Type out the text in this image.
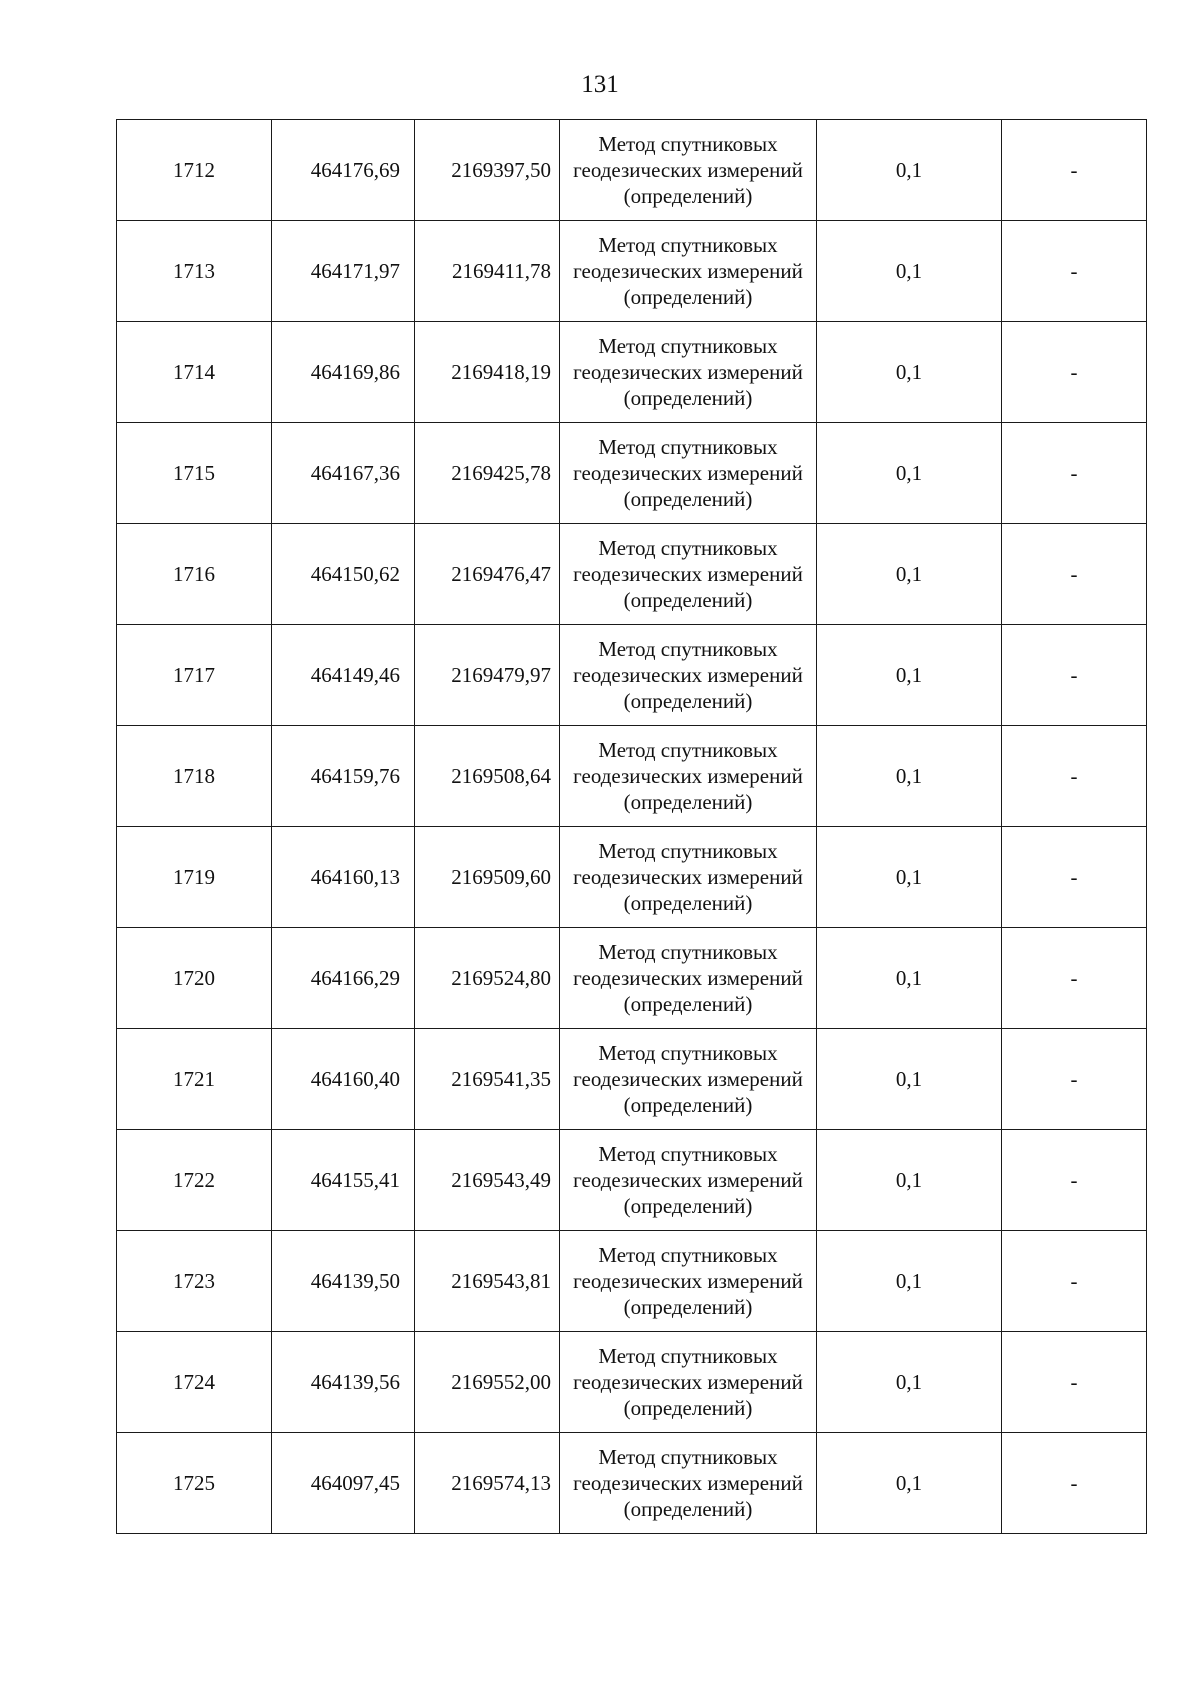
131
1712	464176,69	2169397,50	Метод спутниковых
геодезических измерений
(определений)	0,1	-
1713	464171,97	2169411,78	Метод спутниковых
геодезических измерений
(определений)	0,1	-
1714	464169,86	2169418,19	Метод спутниковых
геодезических измерений
(определений)	0,1	-
1715	464167,36	2169425,78	Метод спутниковых
геодезических измерений
(определений)	0,1	-
1716	464150,62	2169476,47	Метод спутниковых
геодезических измерений
(определений)	0,1	-
1717	464149,46	2169479,97	Метод спутниковых
геодезических измерений
(определений)	0,1	-
1718	464159,76	2169508,64	Метод спутниковых
геодезических измерений
(определений)	0,1	-
1719	464160,13	2169509,60	Метод спутниковых
геодезических измерений
(определений)	0,1	-
1720	464166,29	2169524,80	Метод спутниковых
геодезических измерений
(определений)	0,1	-
1721	464160,40	2169541,35	Метод спутниковых
геодезических измерений
(определений)	0,1	-
1722	464155,41	2169543,49	Метод спутниковых
геодезических измерений
(определений)	0,1	-
1723	464139,50	2169543,81	Метод спутниковых
геодезических измерений
(определений)	0,1	-
1724	464139,56	2169552,00	Метод спутниковых
геодезических измерений
(определений)	0,1	-
1725	464097,45	2169574,13	Метод спутниковых
геодезических измерений
(определений)	0,1	-
